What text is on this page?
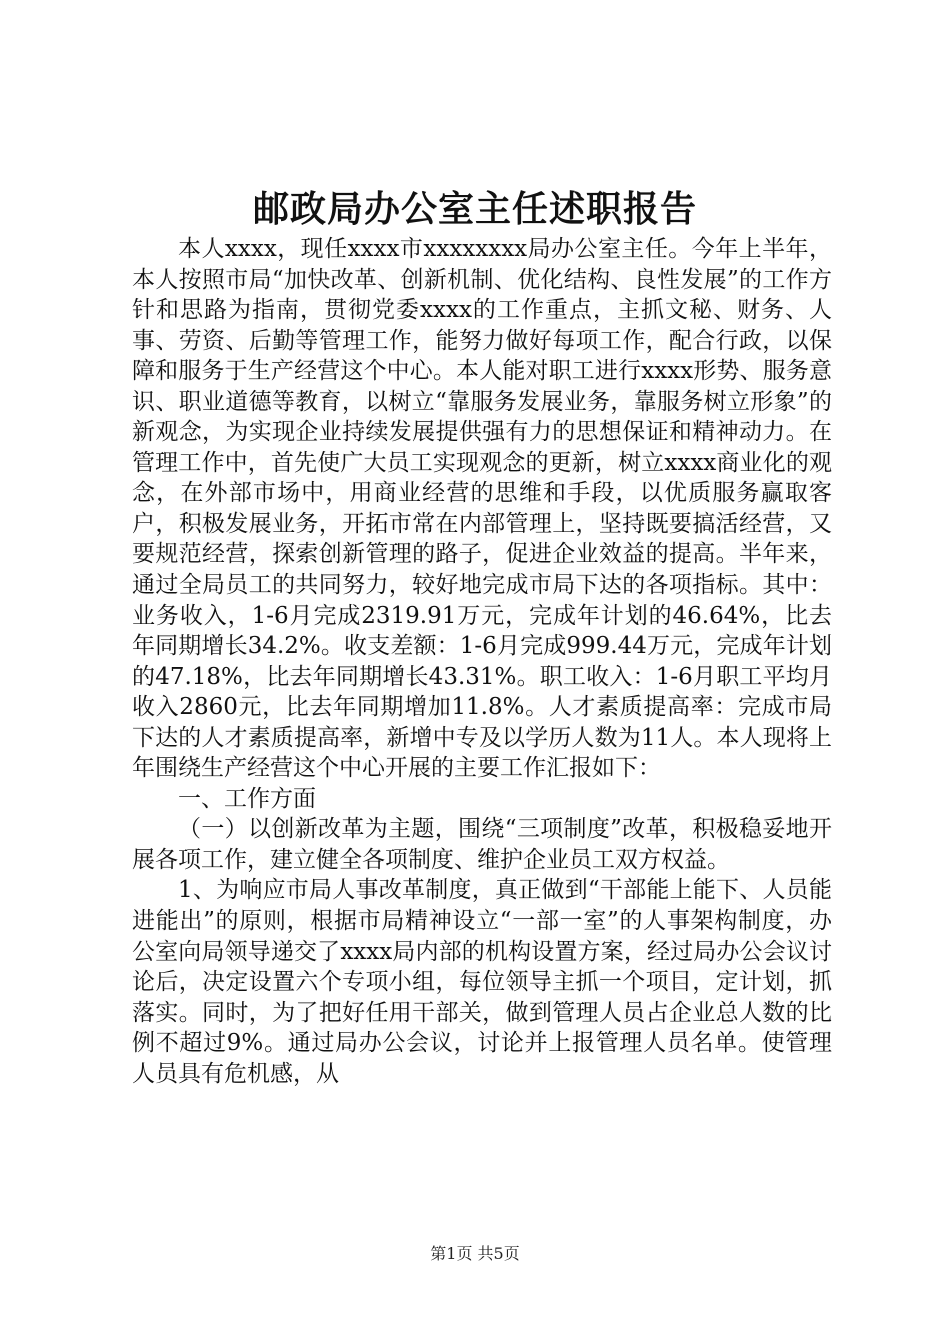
邮政局办公室主任述职报告

本人xxxx，现任xxxx市xxxxxxxx局办公室主任。今年上半年，本人按照市局“加快改革、创新机制、优化结构、良性发展”的工作方针和思路为指南，贯彻党委xxxx的工作重点，主抓文秘、财务、人事、劳资、后勤等管理工作，能努力做好每项工作，配合行政，以保障和服务于生产经营这个中心。本人能对职工进行xxxx形势、服务意识、职业道德等教育，以树立“靠服务发展业务，靠服务树立形象”的新观念，为实现企业持续发展提供强有力的思想保证和精神动力。在管理工作中，首先使广大员工实现观念的更新，树立xxxx商业化的观念，在外部市场中，用商业经营的思维和手段，以优质服务赢取客户，积极发展业务，开拓市常在内部管理上，坚持既要搞活经营，又要规范经营，探索创新管理的路子，促进企业效益的提高。半年来，通过全局员工的共同努力，较好地完成市局下达的各项指标。其中：业务收入，1-6月完成2319.91万元，完成年计划的46.64%，比去年同期增长34.2%。收支差额：1-6月完成999.44万元，完成年计划的47.18%，比去年同期增长43.31%。职工收入：1-6月职工平均月收入2860元，比去年同期增加11.8%。人才素质提高率：完成市局下达的人才素质提高率，新增中专及以学历人数为11人。本人现将上年围绕生产经营这个中心开展的主要工作汇报如下：

一、工作方面

（一）以创新改革为主题，围绕“三项制度”改革，积极稳妥地开展各项工作，建立健全各项制度、维护企业员工双方权益。

1、为响应市局人事改革制度，真正做到“干部能上能下、人员能进能出”的原则，根据市局精神设立“一部一室”的人事架构制度，办公室向局领导递交了xxxx局内部的机构设置方案，经过局办公会议讨论后，决定设置六个专项小组，每位领导主抓一个项目，定计划，抓落实。同时，为了把好任用干部关，做到管理人员占企业总人数的比例不超过9%。通过局办公会议，讨论并上报管理人员名单。使管理人员具有危机感，从

第1页 共5页
